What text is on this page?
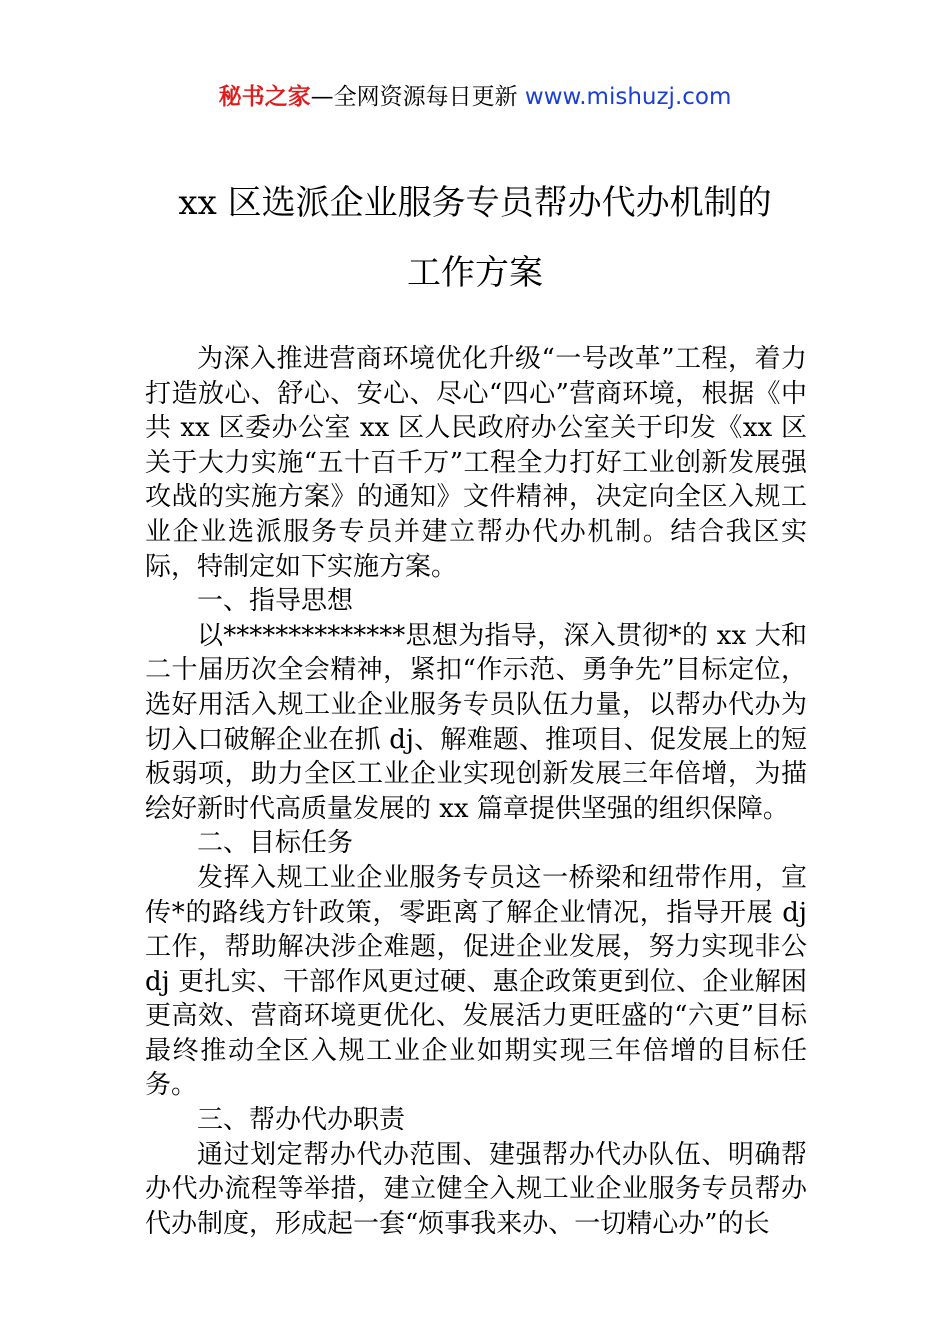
秘书之家—全网资源每日更新 www.mishuzj.com
xx 区选派企业服务专员帮办代办机制的
工作方案

为深入推进营商环境优化升级“一号改革”工程，着力打造放心、舒心、安心、尽心“四心”营商环境，根据《中共 xx 区委办公室 xx 区人民政府办公室关于印发《xx 区关于大力实施“五十百千万”工程全力打好工业创新发展强攻战的实施方案》的通知》文件精神，决定向全区入规工业企业选派服务专员并建立帮办代办机制。结合我区实际，特制定如下实施方案。

一、指导思想

以**************思想为指导，深入贯彻*的 xx 大和二十届历次全会精神，紧扣“作示范、勇争先”目标定位，选好用活入规工业企业服务专员队伍力量，以帮办代办为切入口破解企业在抓 dj、解难题、推项目、促发展上的短板弱项，助力全区工业企业实现创新发展三年倍增，为描绘好新时代高质量发展的 xx 篇章提供坚强的组织保障。

二、目标任务

发挥入规工业企业服务专员这一桥梁和纽带作用，宣传*的路线方针政策，零距离了解企业情况，指导开展 dj 工作，帮助解决涉企难题，促进企业发展，努力实现非公 dj 更扎实、干部作风更过硬、惠企政策更到位、企业解困更高效、营商环境更优化、发展活力更旺盛的“六更”目标最终推动全区入规工业企业如期实现三年倍增的目标任务。

三、帮办代办职责

通过划定帮办代办范围、建强帮办代办队伍、明确帮办代办流程等举措，建立健全入规工业企业服务专员帮办代办制度，形成起一套“烦事我来办、一切精心办”的长
